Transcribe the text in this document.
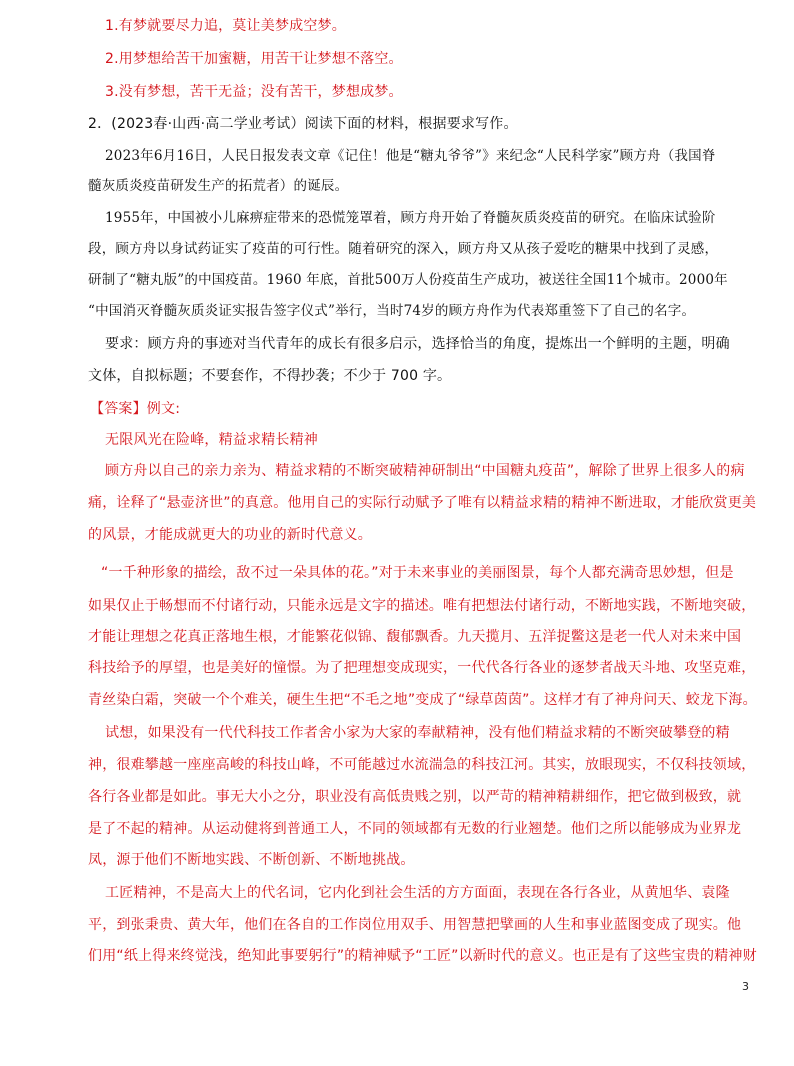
1.有梦就要尽力追，莫让美梦成空梦。
2.用梦想给苦干加蜜糖，用苦干让梦想不落空。
3.没有梦想，苦干无益；没有苦干，梦想成梦。
2．(2023春·山西·高二学业考试）阅读下面的材料，根据要求写作。
2023年6月16日，人民日报发表文章《记住！他是“糖丸爷爷”》来纪念“人民科学家”顾方舟（我国脊
髓灰质炎疫苗研发生产的拓荒者）的诞辰。
1955年，中国被小儿麻痹症带来的恐慌笼罩着，顾方舟开始了脊髓灰质炎疫苗的研究。在临床试验阶
段，顾方舟以身试药证实了疫苗的可行性。随着研究的深入，顾方舟又从孩子爱吃的糖果中找到了灵感，
研制了“糖丸版”的中国疫苗。1960 年底，首批500万人份疫苗生产成功，被送往全国11个城市。2000年
“中国消灭脊髓灰质炎证实报告签字仪式”举行，当时74岁的顾方舟作为代表郑重签下了自己的名字。
要求：顾方舟的事迹对当代青年的成长有很多启示，选择恰当的角度，提炼出一个鲜明的主题，明确
文体，自拟标题；不要套作，不得抄袭；不少于 700 字。
【答案】例文:
无限风光在险峰，精益求精长精神
顾方舟以自己的亲力亲为、精益求精的不断突破精神研制出“中国糖丸疫苗”，解除了世界上很多人的病
痛，诠释了“悬壶济世”的真意。他用自己的实际行动赋予了唯有以精益求精的精神不断进取，才能欣赏更美
的风景，才能成就更大的功业的新时代意义。
“一千种形象的描绘，敌不过一朵具体的花。”对于未来事业的美丽图景，每个人都充满奇思妙想，但是
如果仅止于畅想而不付诸行动，只能永远是文字的描述。唯有把想法付诸行动，不断地实践，不断地突破，
才能让理想之花真正落地生根，才能繁花似锦、馥郁飘香。九天揽月、五洋捉鳖这是老一代人对未来中国
科技给予的厚望，也是美好的憧憬。为了把理想变成现实，一代代各行各业的逐梦者战天斗地、攻坚克难，
青丝染白霜，突破一个个难关，硬生生把“不毛之地”变成了“绿草茵茵”。这样才有了神舟问天、蛟龙下海。
试想，如果没有一代代科技工作者舍小家为大家的奉献精神，没有他们精益求精的不断突破攀登的精
神，很难攀越一座座高峻的科技山峰，不可能越过水流湍急的科技江河。其实，放眼现实，不仅科技领域，
各行各业都是如此。事无大小之分，职业没有高低贵贱之别，以严苛的精神精耕细作，把它做到极致，就
是了不起的精神。从运动健将到普通工人，不同的领域都有无数的行业翘楚。他们之所以能够成为业界龙
凤，源于他们不断地实践、不断创新、不断地挑战。
工匠精神，不是高大上的代名词，它内化到社会生活的方方面面，表现在各行各业，从黄旭华、袁隆
平，到张秉贵、黄大年，他们在各自的工作岗位用双手、用智慧把擘画的人生和事业蓝图变成了现实。他
们用“纸上得来终觉浅，绝知此事要躬行”的精神赋予“工匠”以新时代的意义。也正是有了这些宝贵的精神财
3
